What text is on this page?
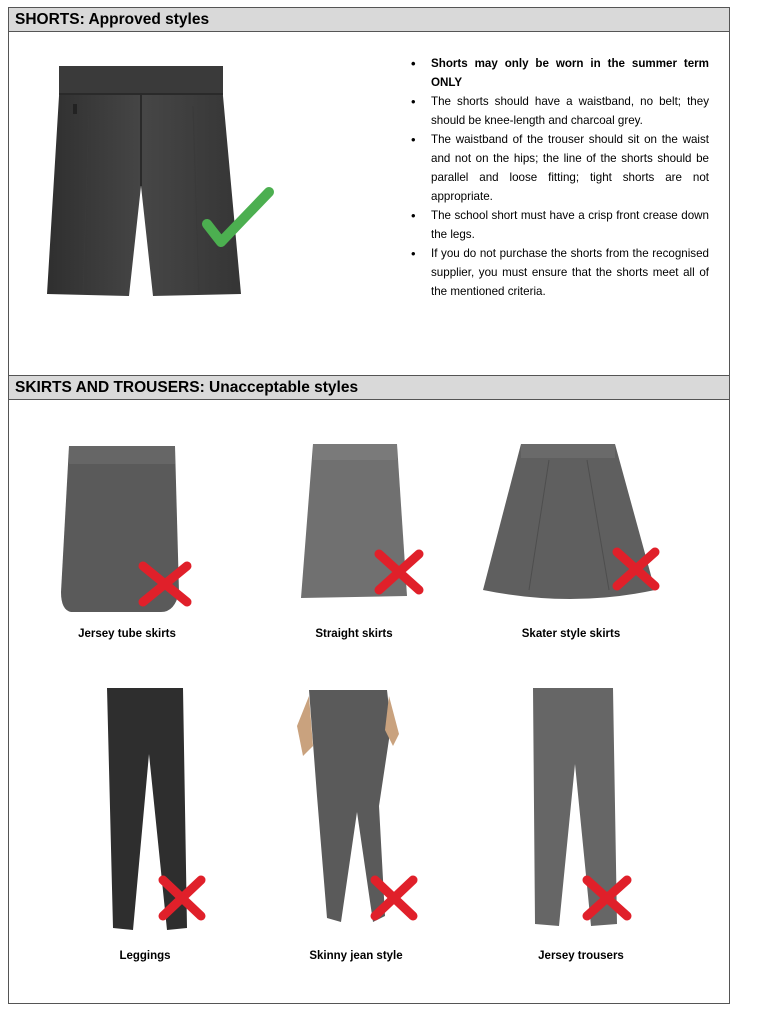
SHORTS: Approved styles
• Shorts may only be worn in the summer term ONLY
• The shorts should have a waistband, no belt; they should be knee-length and charcoal grey.
• The waistband of the trouser should sit on the waist and not on the hips; the line of the shorts should be parallel and loose fitting; tight shorts are not appropriate.
• The school short must have a crisp front crease down the legs.
• If you do not purchase the shorts from the recognised supplier, you must ensure that the shorts meet all of the mentioned criteria.
SKIRTS AND TROUSERS: Unacceptable styles
Jersey tube skirts	Straight skirts	Skater style skirts
Leggings	Skinny jean style	Jersey trousers
